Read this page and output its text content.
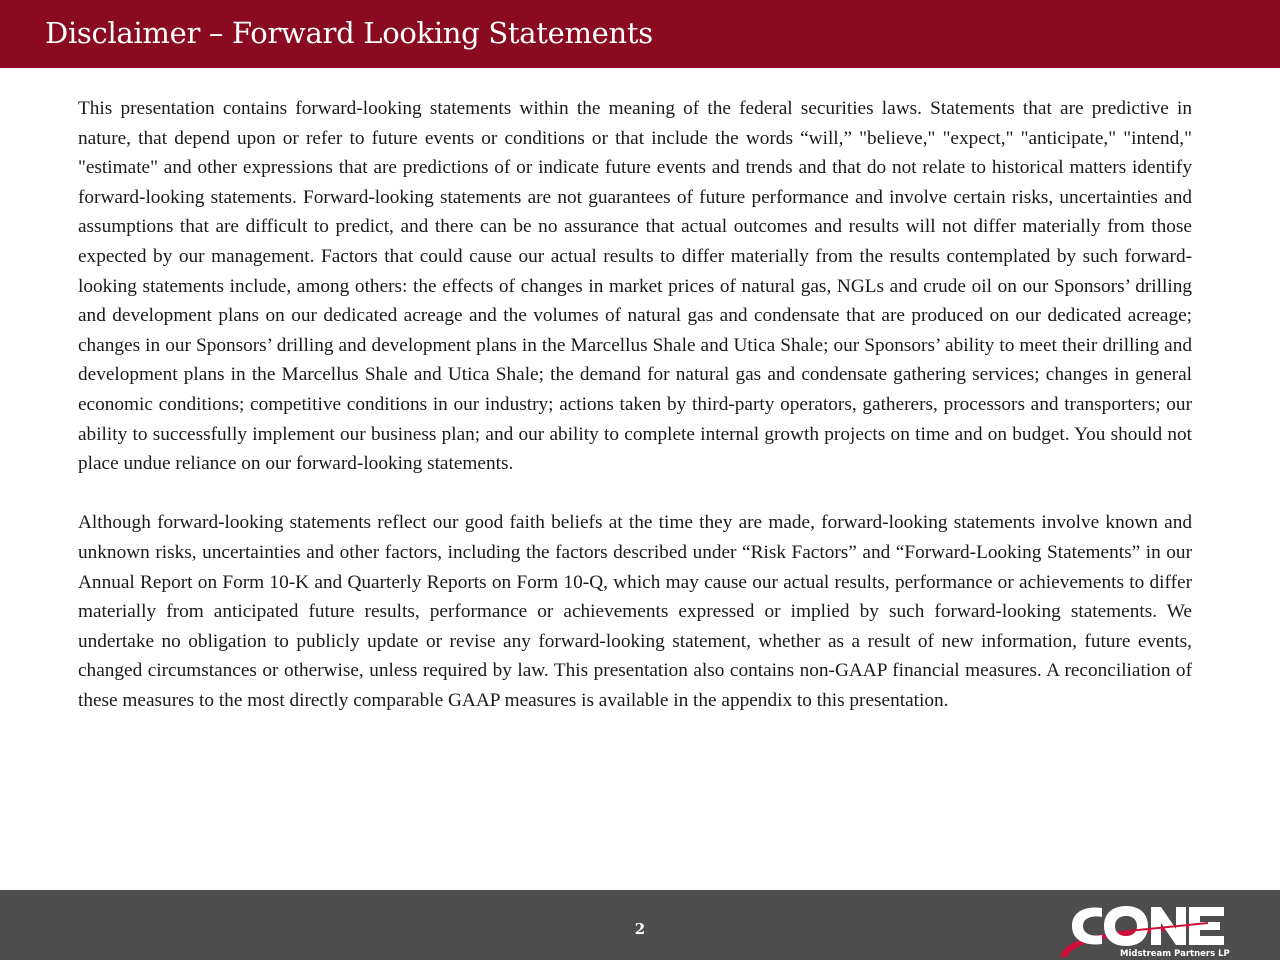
Disclaimer – Forward Looking Statements

This presentation contains forward-looking statements within the meaning of the federal securities laws. Statements that are predictive in nature, that depend upon or refer to future events or conditions or that include the words “will,” "believe," "expect," "anticipate," "intend," "estimate" and other expressions that are predictions of or indicate future events and trends and that do not relate to historical matters identify forward-looking statements. Forward-looking statements are not guarantees of future performance and involve certain risks, uncertainties and assumptions that are difficult to predict, and there can be no assurance that actual outcomes and results will not differ materially from those expected by our management. Factors that could cause our actual results to differ materially from the results contemplated by such forward-looking statements include, among others: the effects of changes in market prices of natural gas, NGLs and crude oil on our Sponsors’ drilling and development plans on our dedicated acreage and the volumes of natural gas and condensate that are produced on our dedicated acreage; changes in our Sponsors’ drilling and development plans in the Marcellus Shale and Utica Shale; our Sponsors’ ability to meet their drilling and development plans in the Marcellus Shale and Utica Shale; the demand for natural gas and condensate gathering services; changes in general economic conditions; competitive conditions in our industry; actions taken by third-party operators, gatherers, processors and transporters; our ability to successfully implement our business plan; and our ability to complete internal growth projects on time and on budget. You should not place undue reliance on our forward-looking statements.

Although forward-looking statements reflect our good faith beliefs at the time they are made, forward-looking statements involve known and unknown risks, uncertainties and other factors, including the factors described under “Risk Factors” and “Forward-Looking Statements” in our Annual Report on Form 10-K and Quarterly Reports on Form 10-Q, which may cause our actual results, performance or achievements to differ materially from anticipated future results, performance or achievements expressed or implied by such forward-looking statements. We undertake no obligation to publicly update or revise any forward-looking statement, whether as a result of new information, future events, changed circumstances or otherwise, unless required by law. This presentation also contains non-GAAP financial measures. A reconciliation of these measures to the most directly comparable GAAP measures is available in the appendix to this presentation.

2
Midstream Partners LP
